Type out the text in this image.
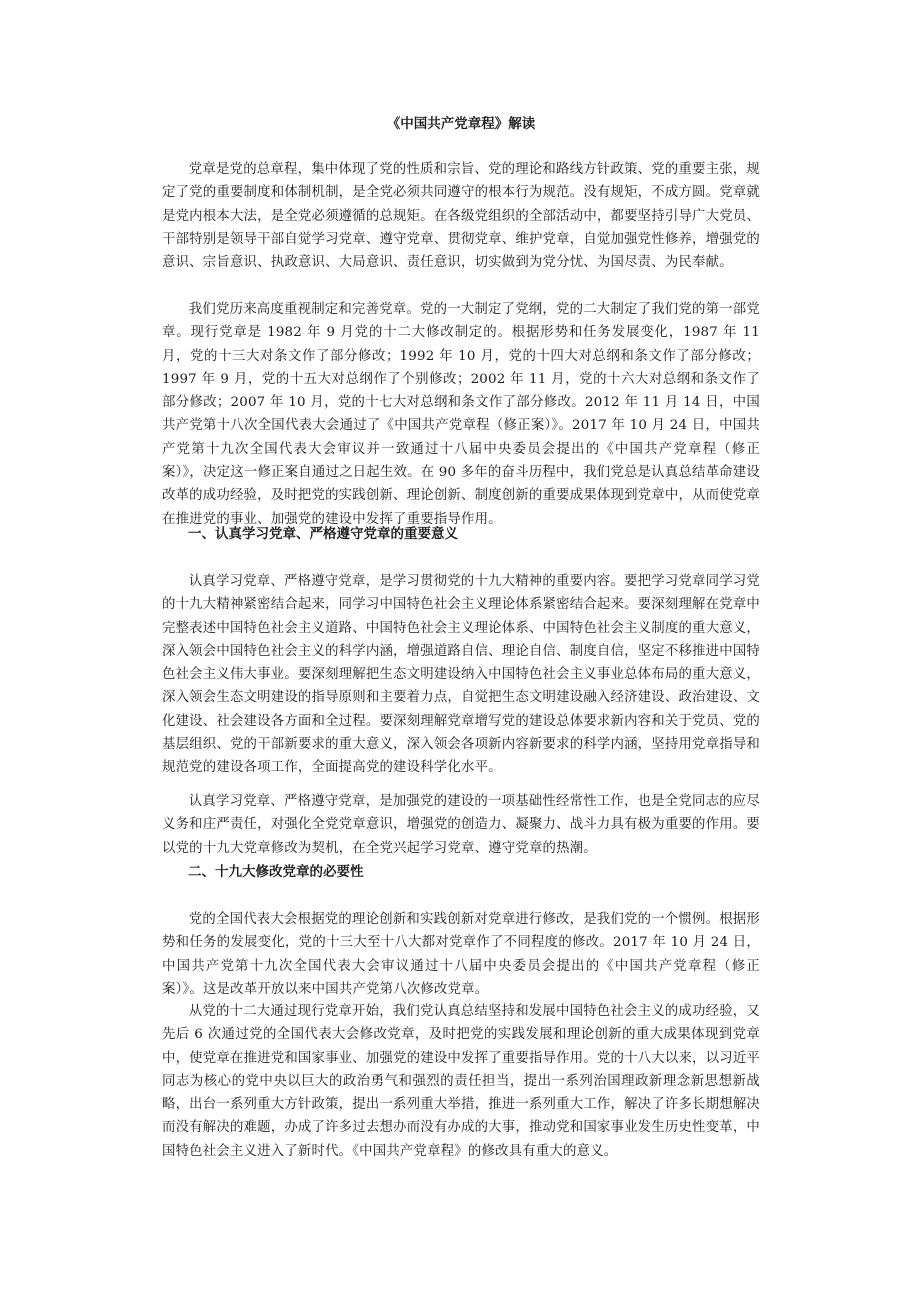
《中国共产党章程》解读

党章是党的总章程，集中体现了党的性质和宗旨、党的理论和路线方针政策、党的重要主张，规定了党的重要制度和体制机制，是全党必须共同遵守的根本行为规范。没有规矩，不成方圆。党章就是党内根本大法，是全党必须遵循的总规矩。在各级党组织的全部活动中，都要坚持引导广大党员、干部特别是领导干部自觉学习党章、遵守党章、贯彻党章、维护党章，自觉加强党性修养，增强党的意识、宗旨意识、执政意识、大局意识、责任意识，切实做到为党分忧、为国尽责、为民奉献。

我们党历来高度重视制定和完善党章。党的一大制定了党纲，党的二大制定了我们党的第一部党章。现行党章是 1982 年 9 月党的十二大修改制定的。根据形势和任务发展变化，1987 年 11 月，党的十三大对条文作了部分修改；1992 年 10 月，党的十四大对总纲和条文作了部分修改；1997 年 9 月，党的十五大对总纲作了个别修改；2002 年 11 月，党的十六大对总纲和条文作了部分修改；2007 年 10 月，党的十七大对总纲和条文作了部分修改。2012 年 11 月 14 日，中国共产党第十八次全国代表大会通过了《中国共产党章程（修正案）》。2017 年 10 月 24 日，中国共产党第十九次全国代表大会审议并一致通过十八届中央委员会提出的《中国共产党章程（修正案）》，决定这一修正案自通过之日起生效。在 90 多年的奋斗历程中，我们党总是认真总结革命建设改革的成功经验，及时把党的实践创新、理论创新、制度创新的重要成果体现到党章中，从而使党章在推进党的事业、加强党的建设中发挥了重要指导作用。

一、认真学习党章、严格遵守党章的重要意义

认真学习党章、严格遵守党章，是学习贯彻党的十九大精神的重要内容。要把学习党章同学习党的十九大精神紧密结合起来，同学习中国特色社会主义理论体系紧密结合起来。要深刻理解在党章中完整表述中国特色社会主义道路、中国特色社会主义理论体系、中国特色社会主义制度的重大意义，深入领会中国特色社会主义的科学内涵，增强道路自信、理论自信、制度自信，坚定不移推进中国特色社会主义伟大事业。要深刻理解把生态文明建设纳入中国特色社会主义事业总体布局的重大意义，深入领会生态文明建设的指导原则和主要着力点，自觉把生态文明建设融入经济建设、政治建设、文化建设、社会建设各方面和全过程。要深刻理解党章增写党的建设总体要求新内容和关于党员、党的基层组织、党的干部新要求的重大意义，深入领会各项新内容新要求的科学内涵，坚持用党章指导和规范党的建设各项工作，全面提高党的建设科学化水平。

认真学习党章、严格遵守党章，是加强党的建设的一项基础性经常性工作，也是全党同志的应尽义务和庄严责任，对强化全党党章意识，增强党的创造力、凝聚力、战斗力具有极为重要的作用。要以党的十九大党章修改为契机，在全党兴起学习党章、遵守党章的热潮。

二、十九大修改党章的必要性

党的全国代表大会根据党的理论创新和实践创新对党章进行修改，是我们党的一个惯例。根据形势和任务的发展变化，党的十三大至十八大都对党章作了不同程度的修改。2017 年 10 月 24 日，中国共产党第十九次全国代表大会审议通过十八届中央委员会提出的《中国共产党章程（修正案）》。这是改革开放以来中国共产党第八次修改党章。

从党的十二大通过现行党章开始，我们党认真总结坚持和发展中国特色社会主义的成功经验，又先后 6 次通过党的全国代表大会修改党章，及时把党的实践发展和理论创新的重大成果体现到党章中，使党章在推进党和国家事业、加强党的建设中发挥了重要指导作用。党的十八大以来，以习近平同志为核心的党中央以巨大的政治勇气和强烈的责任担当，提出一系列治国理政新理念新思想新战略，出台一系列重大方针政策，提出一系列重大举措，推进一系列重大工作，解决了许多长期想解决而没有解决的难题，办成了许多过去想办而没有办成的大事，推动党和国家事业发生历史性变革，中国特色社会主义进入了新时代。《中国共产党章程》的修改具有重大的意义。
